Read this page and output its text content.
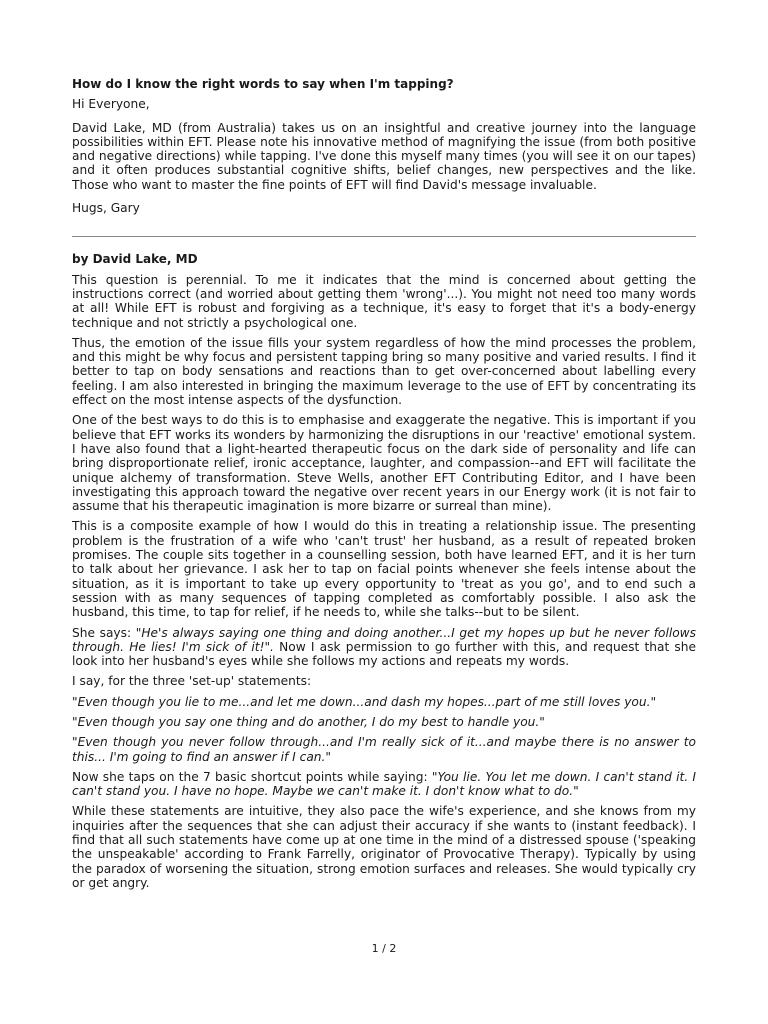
How do I know the right words to say when I'm tapping?

Hi Everyone,

David Lake, MD (from Australia) takes us on an insightful and creative journey into the language possibilities within EFT. Please note his innovative method of magnifying the issue (from both positive and negative directions) while tapping. I've done this myself many times (you will see it on our tapes) and it often produces substantial cognitive shifts, belief changes, new perspectives and the like. Those who want to master the fine points of EFT will find David's message invaluable.

Hugs, Gary

by David Lake, MD

This question is perennial. To me it indicates that the mind is concerned about getting the instructions correct (and worried about getting them 'wrong'...). You might not need too many words at all! While EFT is robust and forgiving as a technique, it's easy to forget that it's a body-energy technique and not strictly a psychological one.

Thus, the emotion of the issue fills your system regardless of how the mind processes the problem, and this might be why focus and persistent tapping bring so many positive and varied results. I find it better to tap on body sensations and reactions than to get over-concerned about labelling every feeling. I am also interested in bringing the maximum leverage to the use of EFT by concentrating its effect on the most intense aspects of the dysfunction.

One of the best ways to do this is to emphasise and exaggerate the negative. This is important if you believe that EFT works its wonders by harmonizing the disruptions in our 'reactive' emotional system. I have also found that a light-hearted therapeutic focus on the dark side of personality and life can bring disproportionate relief, ironic acceptance, laughter, and compassion--and EFT will facilitate the unique alchemy of transformation. Steve Wells, another EFT Contributing Editor, and I have been investigating this approach toward the negative over recent years in our Energy work (it is not fair to assume that his therapeutic imagination is more bizarre or surreal than mine).

This is a composite example of how I would do this in treating a relationship issue. The presenting problem is the frustration of a wife who 'can't trust' her husband, as a result of repeated broken promises. The couple sits together in a counselling session, both have learned EFT, and it is her turn to talk about her grievance. I ask her to tap on facial points whenever she feels intense about the situation, as it is important to take up every opportunity to 'treat as you go', and to end such a session with as many sequences of tapping completed as comfortably possible. I also ask the husband, this time, to tap for relief, if he needs to, while she talks--but to be silent.

She says: "He's always saying one thing and doing another...I get my hopes up but he never follows through. He lies! I'm sick of it!". Now I ask permission to go further with this, and request that she look into her husband's eyes while she follows my actions and repeats my words.

I say, for the three 'set-up' statements:

"Even though you lie to me...and let me down...and dash my hopes...part of me still loves you."

"Even though you say one thing and do another, I do my best to handle you."

"Even though you never follow through...and I'm really sick of it...and maybe there is no answer to this... I'm going to find an answer if I can."

Now she taps on the 7 basic shortcut points while saying: "You lie. You let me down. I can't stand it. I can't stand you. I have no hope. Maybe we can't make it. I don't know what to do."

While these statements are intuitive, they also pace the wife's experience, and she knows from my inquiries after the sequences that she can adjust their accuracy if she wants to (instant feedback). I find that all such statements have come up at one time in the mind of a distressed spouse ('speaking the unspeakable' according to Frank Farrelly, originator of Provocative Therapy). Typically by using the paradox of worsening the situation, strong emotion surfaces and releases. She would typically cry or get angry.

1 / 2
